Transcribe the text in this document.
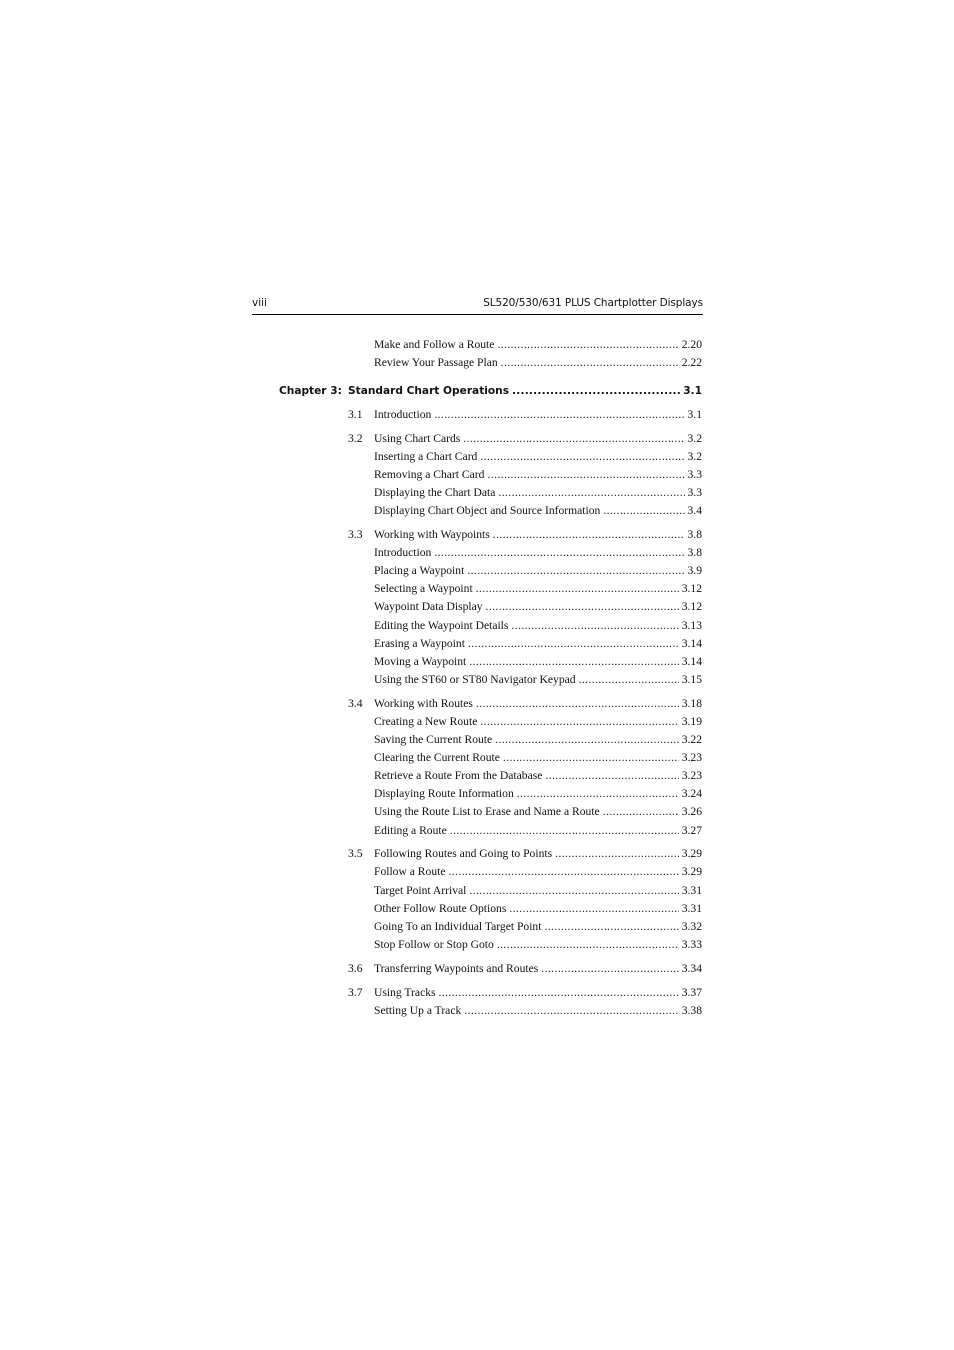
viii	SL520/530/631 PLUS Chartplotter Displays
Make and Follow a Route .....	2.20
Review Your Passage Plan .....	2.22
Chapter 3: Standard Chart Operations .....	3.1
3.1 Introduction .....	3.1
3.2 Using Chart Cards .....	3.2
Inserting a Chart Card .....	3.2
Removing a Chart Card .....	3.3
Displaying the Chart Data .....	3.3
Displaying Chart Object and Source Information .....	3.4
3.3 Working with Waypoints .....	3.8
Introduction .....	3.8
Placing a Waypoint .....	3.9
Selecting a Waypoint .....	3.12
Waypoint Data Display .....	3.12
Editing the Waypoint Details .....	3.13
Erasing a Waypoint .....	3.14
Moving a Waypoint .....	3.14
Using the ST60 or ST80 Navigator Keypad .....	3.15
3.4 Working with Routes .....	3.18
Creating a New Route .....	3.19
Saving the Current Route .....	3.22
Clearing the Current Route .....	3.23
Retrieve a Route From the Database .....	3.23
Displaying Route Information .....	3.24
Using the Route List to Erase and Name a Route .....	3.26
Editing a Route .....	3.27
3.5 Following Routes and Going to Points .....	3.29
Follow a Route .....	3.29
Target Point Arrival .....	3.31
Other Follow Route Options .....	3.31
Going To an Individual Target Point .....	3.32
Stop Follow or Stop Goto .....	3.33
3.6 Transferring Waypoints and Routes .....	3.34
3.7 Using Tracks .....	3.37
Setting Up a Track .....	3.38
